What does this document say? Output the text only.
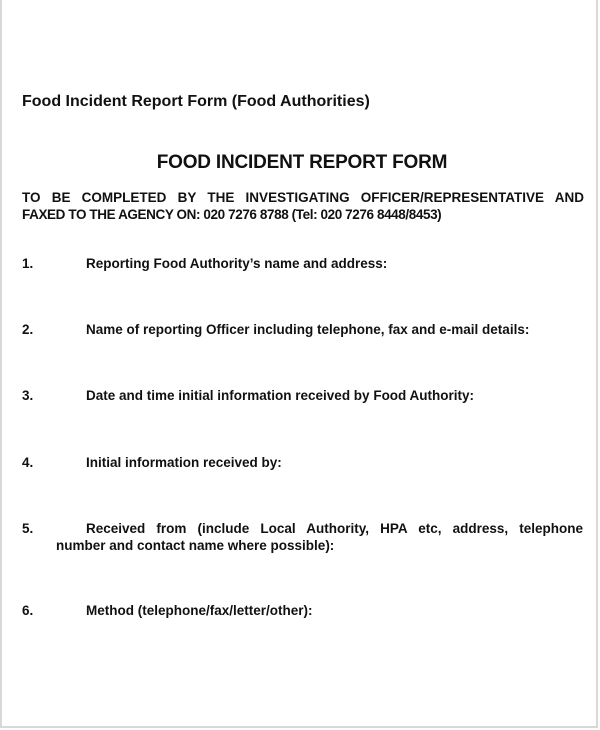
Food Incident Report Form (Food Authorities)
FOOD INCIDENT REPORT FORM
TO BE COMPLETED BY THE INVESTIGATING OFFICER/REPRESENTATIVE AND
FAXED TO THE AGENCY ON: 020 7276 8788 (Tel: 020 7276 8448/8453)
1.	Reporting Food Authority’s name and address:
2.	Name of reporting Officer including telephone, fax and e-mail details:
3.	Date and time initial information received by Food Authority:
4.	Initial information received by:
5.	Received from (include Local Authority, HPA etc, address, telephone
number and contact name where possible):
6.	Method (telephone/fax/letter/other):
